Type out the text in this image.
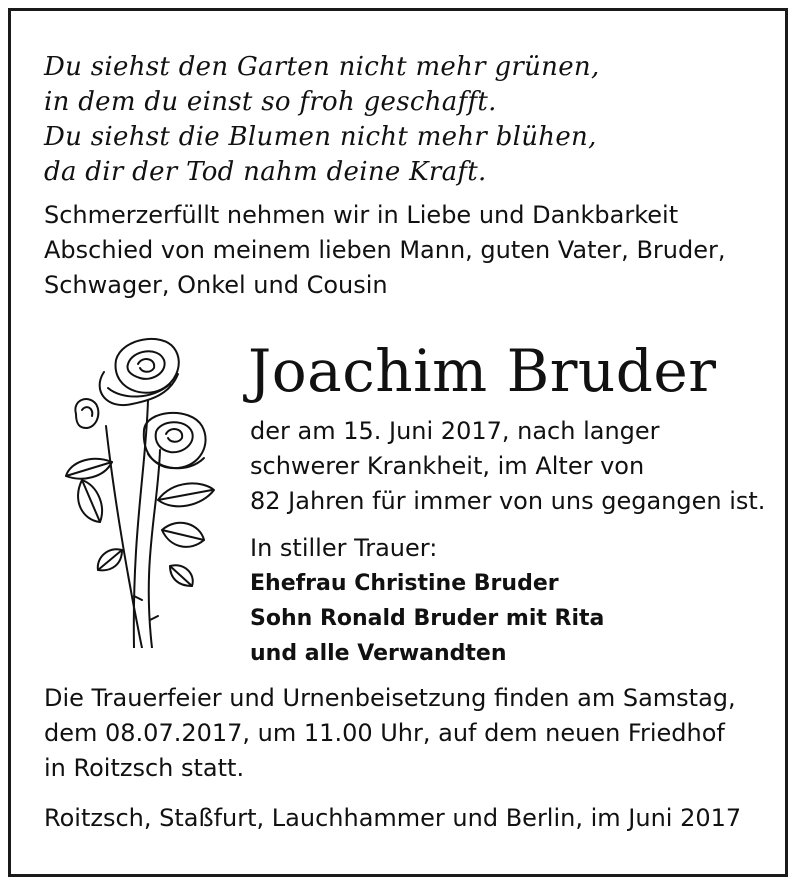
Du siehst den Garten nicht mehr grünen,
in dem du einst so froh geschafft.
Du siehst die Blumen nicht mehr blühen,
da dir der Tod nahm deine Kraft.
Schmerzerfüllt nehmen wir in Liebe und Dankbarkeit
Abschied von meinem lieben Mann, guten Vater, Bruder,
Schwager, Onkel und Cousin
Joachim Bruder
der am 15. Juni 2017, nach langer
schwerer Krankheit, im Alter von
82 Jahren für immer von uns gegangen ist.
In stiller Trauer:
Ehefrau Christine Bruder
Sohn Ronald Bruder mit Rita
und alle Verwandten
Die Trauerfeier und Urnenbeisetzung finden am Samstag,
dem 08.07.2017, um 11.00 Uhr, auf dem neuen Friedhof
in Roitzsch statt.
Roitzsch, Staßfurt, Lauchhammer und Berlin, im Juni 2017
